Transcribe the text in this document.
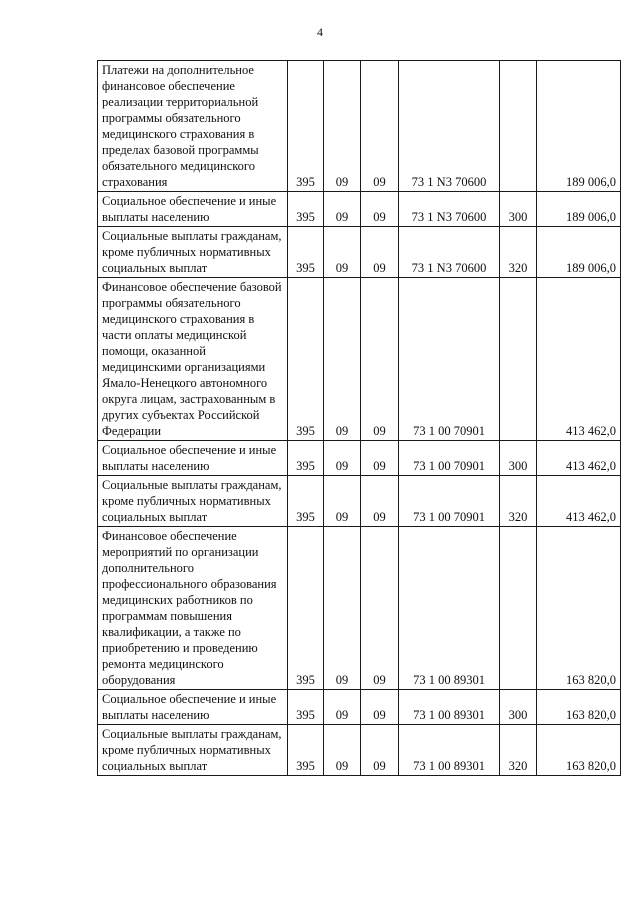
4
Платежи на дополнительное финансовое обеспечение реализации территориальной программы обязательного медицинского страхования в пределах базовой программы обязательного медицинского страхования	395	09	09	73 1 N3 70600		189 006,0
Социальное обеспечение и иные выплаты населению	395	09	09	73 1 N3 70600	300	189 006,0
Социальные выплаты гражданам, кроме публичных нормативных социальных выплат	395	09	09	73 1 N3 70600	320	189 006,0
Финансовое обеспечение базовой программы обязательного медицинского страхования в части оплаты медицинской помощи, оказанной медицинскими организациями Ямало-Ненецкого автономного округа лицам, застрахованным в других субъектах Российской Федерации	395	09	09	73 1 00 70901		413 462,0
Социальное обеспечение и иные выплаты населению	395	09	09	73 1 00 70901	300	413 462,0
Социальные выплаты гражданам, кроме публичных нормативных социальных выплат	395	09	09	73 1 00 70901	320	413 462,0
Финансовое обеспечение мероприятий по организации дополнительного профессионального образования медицинских работников по программам повышения квалификации, а также по приобретению и проведению ремонта медицинского оборудования	395	09	09	73 1 00 89301		163 820,0
Социальное обеспечение и иные выплаты населению	395	09	09	73 1 00 89301	300	163 820,0
Социальные выплаты гражданам, кроме публичных нормативных социальных выплат	395	09	09	73 1 00 89301	320	163 820,0
